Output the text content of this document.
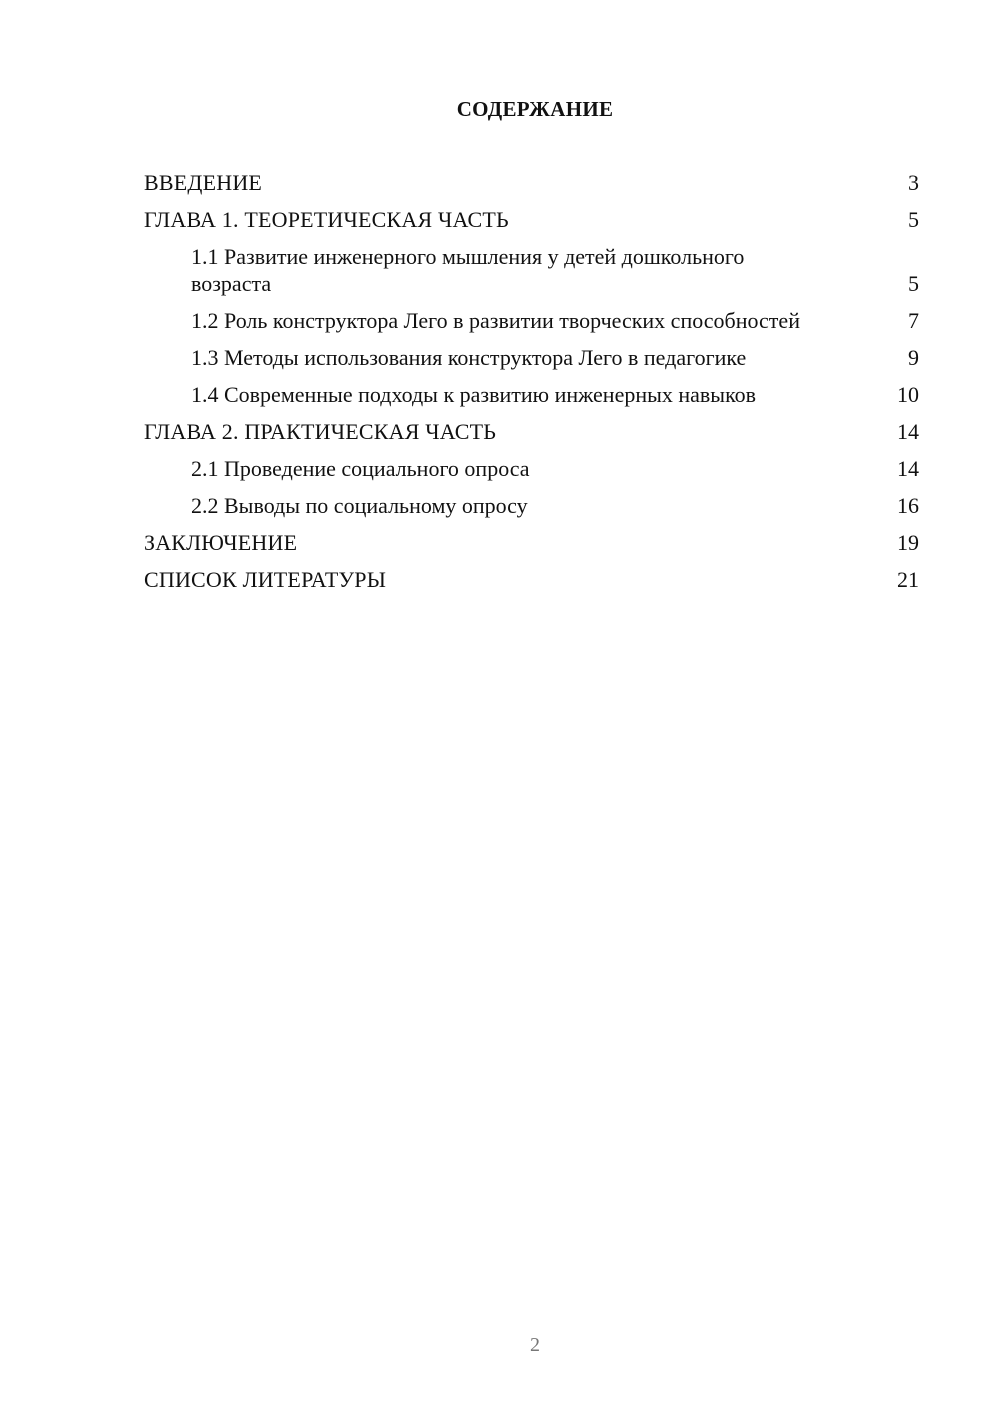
СОДЕРЖАНИЕ
ВВЕДЕНИЕ	3
ГЛАВА 1. ТЕОРЕТИЧЕСКАЯ ЧАСТЬ	5
1.1 Развитие инженерного мышления у детей дошкольного возраста	5
1.2 Роль конструктора Лего в развитии творческих способностей	7
1.3 Методы использования конструктора Лего в педагогике	9
1.4 Современные подходы к развитию инженерных навыков	10
ГЛАВА 2. ПРАКТИЧЕСКАЯ ЧАСТЬ	14
2.1 Проведение социального опроса	14
2.2 Выводы по социальному опросу	16
ЗАКЛЮЧЕНИЕ	19
СПИСОК ЛИТЕРАТУРЫ	21
2
